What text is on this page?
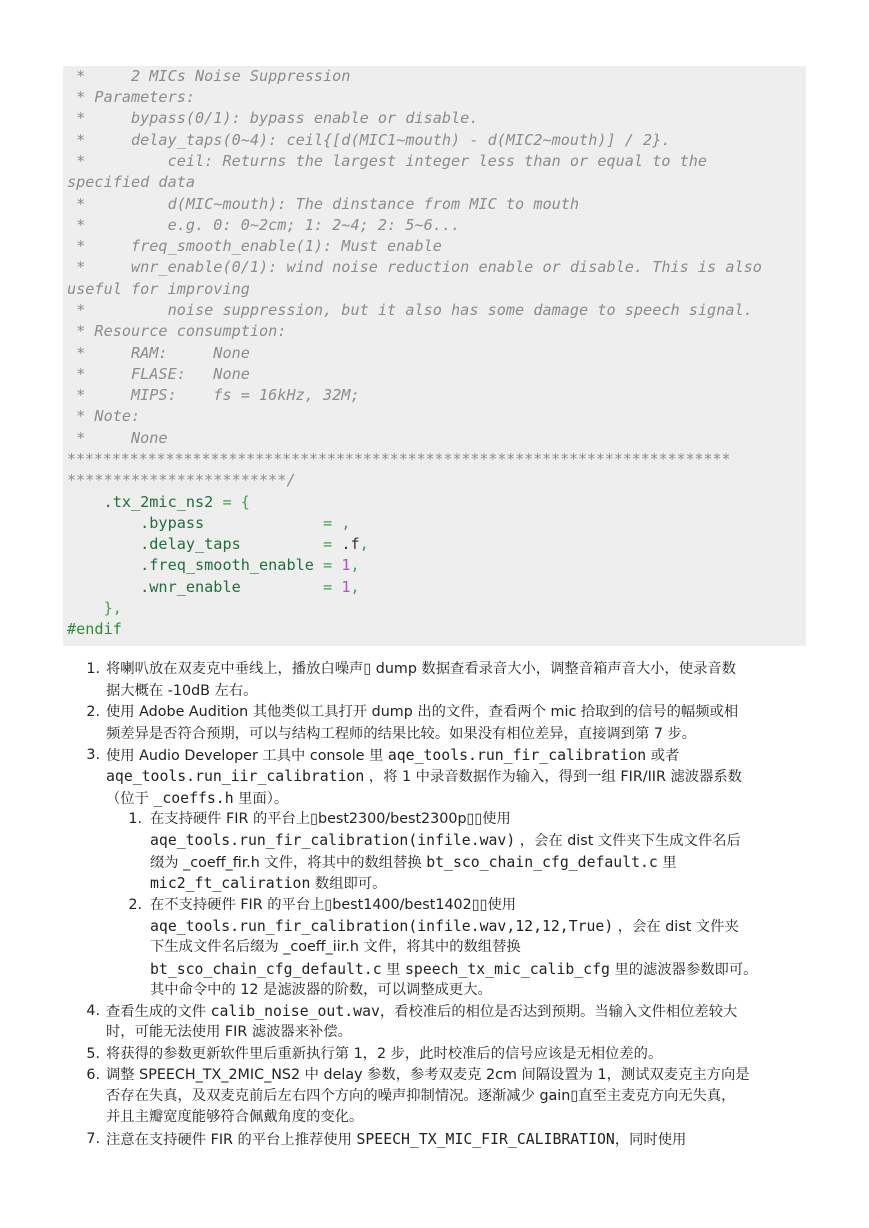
*     2 MICs Noise Suppression
* Parameters:
*     bypass(0/1): bypass enable or disable.
*     delay_taps(0~4): ceil{[d(MIC1~mouth) - d(MIC2~mouth)] / 2}.
*         ceil: Returns the largest integer less than or equal to the
specified data
*         d(MIC~mouth): The dinstance from MIC to mouth
*         e.g. 0: 0~2cm; 1: 2~4; 2: 5~6...
*     freq_smooth_enable(1): Must enable
*     wnr_enable(0/1): wind noise reduction enable or disable. This is also
useful for improving
*         noise suppression, but it also has some damage to speech signal.
* Resource consumption:
*     RAM:     None
*     FLASE:   None
*     MIPS:    fs = 16kHz, 32M;
* Note:
*     None
**************************************************************************
************************/
.tx_2mic_ns2 = {
.bypass             = ,
.delay_taps         = .f,
.freq_smooth_enable = 1,
.wnr_enable         = 1,
},
#endif
1. 将喇叭放在双麦克中垂线上，播放白噪声▯ dump 数据查看录音大小，调整音箱声音大小，使录音数
据大概在 -10dB 左右。
2. 使用 Adobe Audition 其他类似工具打开 dump 出的文件，查看两个 mic 拾取到的信号的幅频或相
频差异是否符合预期，可以与结构工程师的结果比较。如果没有相位差异，直接调到第 7 步。
3. 使用 Audio Developer 工具中 console 里 aqe_tools.run_fir_calibration 或者
aqe_tools.run_iir_calibration ，将 1 中录音数据作为输入，得到一组 FIR/IIR 滤波器系数
（位于 _coeffs.h 里面）。
1. 在支持硬件 FIR 的平台上▯best2300/best2300p▯▯使用
aqe_tools.run_fir_calibration(infile.wav) ，会在 dist 文件夹下生成文件名后
缀为 _coeff_fir.h 文件，将其中的数组替换 bt_sco_chain_cfg_default.c 里
mic2_ft_caliration 数组即可。
2. 在不支持硬件 FIR 的平台上▯best1400/best1402▯▯使用
aqe_tools.run_fir_calibration(infile.wav,12,12,True) ，会在 dist 文件夹
下生成文件名后缀为 _coeff_iir.h 文件，将其中的数组替换
bt_sco_chain_cfg_default.c 里 speech_tx_mic_calib_cfg 里的滤波器参数即可。
其中命令中的 12 是滤波器的阶数，可以调整成更大。
4. 查看生成的文件 calib_noise_out.wav，看校准后的相位是否达到预期。当输入文件相位差较大
时，可能无法使用 FIR 滤波器来补偿。
5. 将获得的参数更新软件里后重新执行第 1，2 步，此时校准后的信号应该是无相位差的。
6. 调整 SPEECH_TX_2MIC_NS2 中 delay 参数，参考双麦克 2cm 间隔设置为 1，测试双麦克主方向是
否存在失真，及双麦克前后左右四个方向的噪声抑制情况。逐渐减少 gain▯直至主麦克方向无失真，
并且主瓣宽度能够符合佩戴角度的变化。
7. 注意在支持硬件 FIR 的平台上推荐使用 SPEECH_TX_MIC_FIR_CALIBRATION，同时使用
